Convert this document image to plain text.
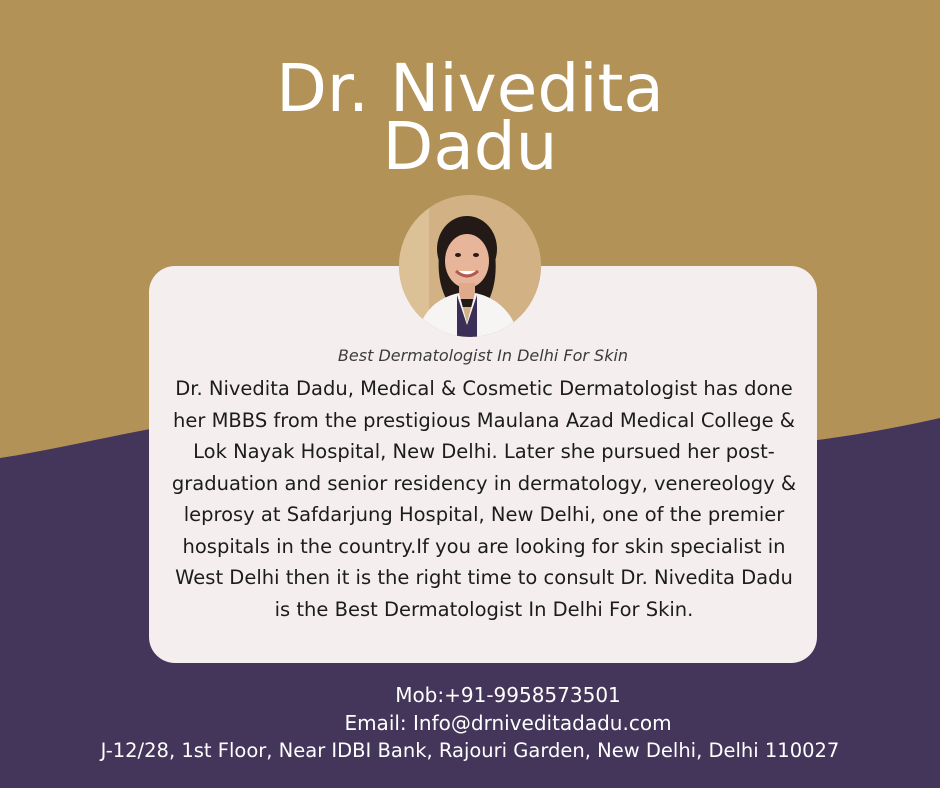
Dr. Nivedita
Dadu
Best Dermatologist In Delhi For Skin
Dr. Nivedita Dadu, Medical & Cosmetic Dermatologist has done her MBBS from the prestigious Maulana Azad Medical College & Lok Nayak Hospital, New Delhi. Later she pursued her post-graduation and senior residency in dermatology, venereology & leprosy at Safdarjung Hospital, New Delhi, one of the premier hospitals in the country.If you are looking for skin specialist in West Delhi then it is the right time to consult Dr. Nivedita Dadu is the Best Dermatologist In Delhi For Skin.
Mob:+91-9958573501
Email: Info@drniveditadadu.com
J-12/28, 1st Floor, Near IDBI Bank, Rajouri Garden, New Delhi, Delhi 110027
